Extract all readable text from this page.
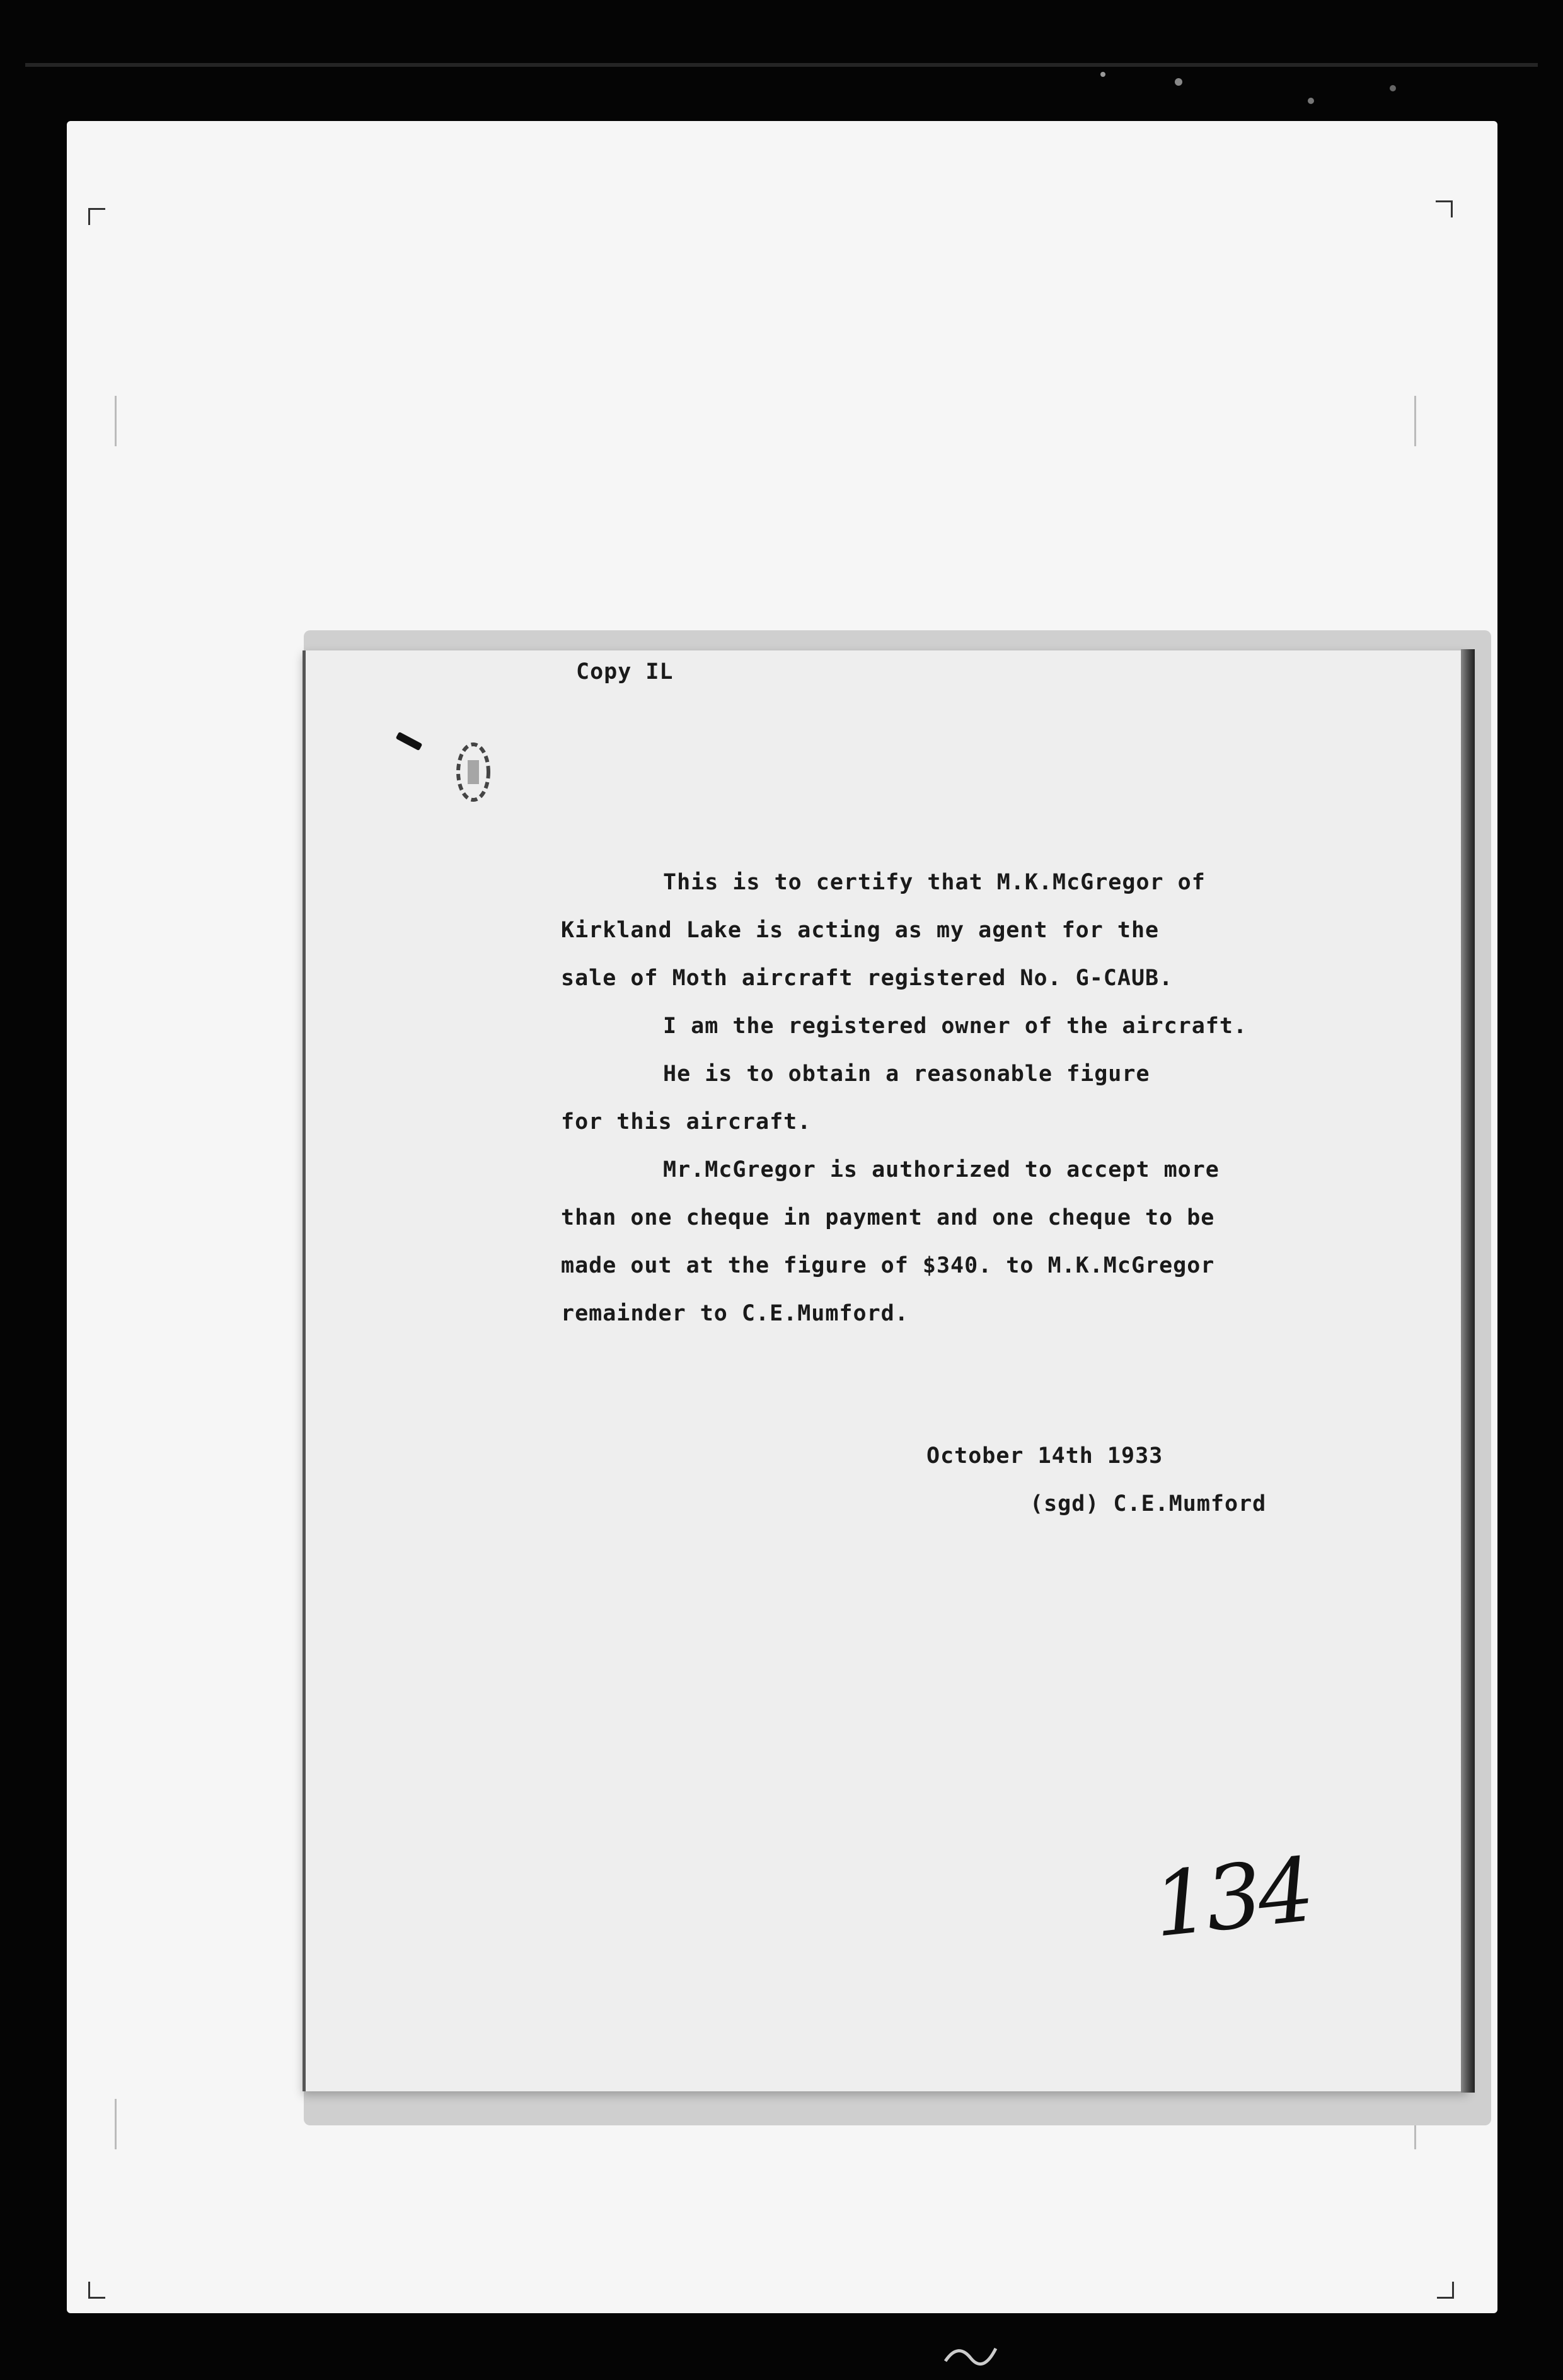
Copy IL
This is to certify that M.K.McGregor of
Kirkland Lake is acting as my agent for the
sale of Moth aircraft registered No. G-CAUB.
I am the registered owner of the aircraft.
He is to obtain a reasonable figure
for this aircraft.
Mr.McGregor is authorized to accept more
than one cheque in payment and one cheque to be
made out at the figure of $340. to M.K.McGregor
remainder to C.E.Mumford.
October 14th 1933
(sgd) C.E.Mumford
134
